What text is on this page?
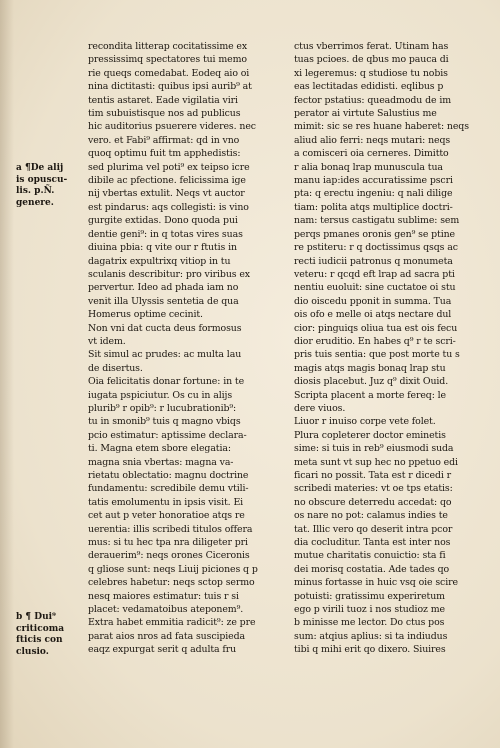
a ¶De alij
is opuscu-
lis. p.Ñ.
genere.
b ¶ Dui⁹
criticoma
fticis con
clusio.
recondita litterap cocitatissime ex
pressissimq spectatores tui memo
rie queqs comedabat. Eodeq aio oi
nina dictitasti: quibus ipsi aurib⁹ at
tentis astaret. Eade vigilatia viri
tim subuistisque nos ad publicus
hic auditorius psuerere videres. nec
vero. et Fabi⁹ affirmat: qd in vno
quoq optimu fuit tm apphedistis:
sed plurima vel poti⁹ ex teipso icre
dibile ac pfectione. felicissima ige
nij vbertas extulit. Neqs vt auctor
est pindarus: aqs collegisti: is vino
gurgite extidas. Dono quoda pui
dentie geni⁹: in q totas vires suas
diuina pbia: q vite our r ftutis in
dagatrix expultrixq vitiop in tu
sculanis describitur: pro viribus ex
pervertur. Ideo ad phada iam no
venit illa Ulyssis sentetia de qua
Homerus optime cecinit.
Non vni dat cucta deus formosus
vt idem.
Sit simul ac prudes: ac multa lau
de disertus.
Oia felicitatis donar fortune: in te
iugata pspiciutur. Os cu in alijs
plurib⁹ r opib⁹: r lucubrationib⁹:
tu in smonib⁹ tuis q magno vbiqs
pcio estimatur: aptissime declara-
ti. Magna etem sbore elegatia:
magna snia vbertas: magna va-
rietatu oblectatio: magnu doctrine
fundamentu: scredibile demu vtili-
tatis emolumentu in ipsis visit. Ei
cet aut p veter honoratioe atqs re
uerentia: illis scribedi titulos offera
mus: si tu hec tpa nra diligeter pri
derauerim⁹: neqs orones Ciceronis
q gliose sunt: neqs Liuij piciones q p
celebres habetur: neqs sctop sermo
nesq maiores estimatur: tuis r si
placet: vedamatoibus ateponem⁹.
Extra habet emmitia radicit⁹: ze pre
parat aios nros ad fata suscipieda
eaqz expurgat serit q adulta fru
ctus vberrimos ferat. Utinam has
tuas pcioes. de qbus mo pauca di
xi legeremus: q studiose tu nobis
eas lectitadas edidisti. eqlibus p
fector pstatius: queadmodu de im
perator ai virtute Salustius me
mimit: sic se res huane haberet: neqs
aliud alio ferri: neqs mutari: neqs
a comisceri oia cerneres. Dimitto
r alia bonaq lrap munuscula tua
manu iap:ides accuratissime pscri
pta: q erectu ingeniu: q nali dilige
tiam: polita atqs multiplice doctri-
nam: tersus castigatu sublime: sem
perqs pmanes oronis gen⁹ se ptine
re pstiteru: r q doctissimus qsqs ac
recti iudicii patronus q monumeta
veteru: r qcqd eft lrap ad sacra pti
nentiu euoluit: sine cuctatoe oi stu
dio oiscedu pponit in summa. Tua
ois ofo e melle oi atqs nectare dul
cior: pinguiqs oliua tua est ois fecu
dior eruditio. En habes q⁹ r te scri-
pris tuis sentia: que post morte tu s
magis atqs magis bonaq lrap stu
diosis placebut. Juz q⁹ dixit Ouid.
Scripta placent a morte fereq: le
dere viuos.
Liuor r inuiso corpe vete folet.
Plura copleterer doctor eminetis
sime: si tuis in reb⁹ eiusmodi suda
meta sunt vt sup hec no ppetuo edi
ficari no possit. Tata est r dicedi r
scribedi materies: vt oe tps etatis:
no obscure deterredu accedat: qo
os nare no pot: calamus indies te
tat. Illic vero qo deserit intra pcor
dia cocluditur. Tanta est inter nos
mutue charitatis conuictio: sta fi
dei morisq costatia. Ade tades qo
minus fortasse in huic vsq oie scire
potuisti: gratissimu experiretum
ego p virili tuoz i nos studioz me
b minisse me lector. Do ctus pos
sum: atqius aplius: si ta indiudus
tibi q mihi erit qo dixero. Siuires
